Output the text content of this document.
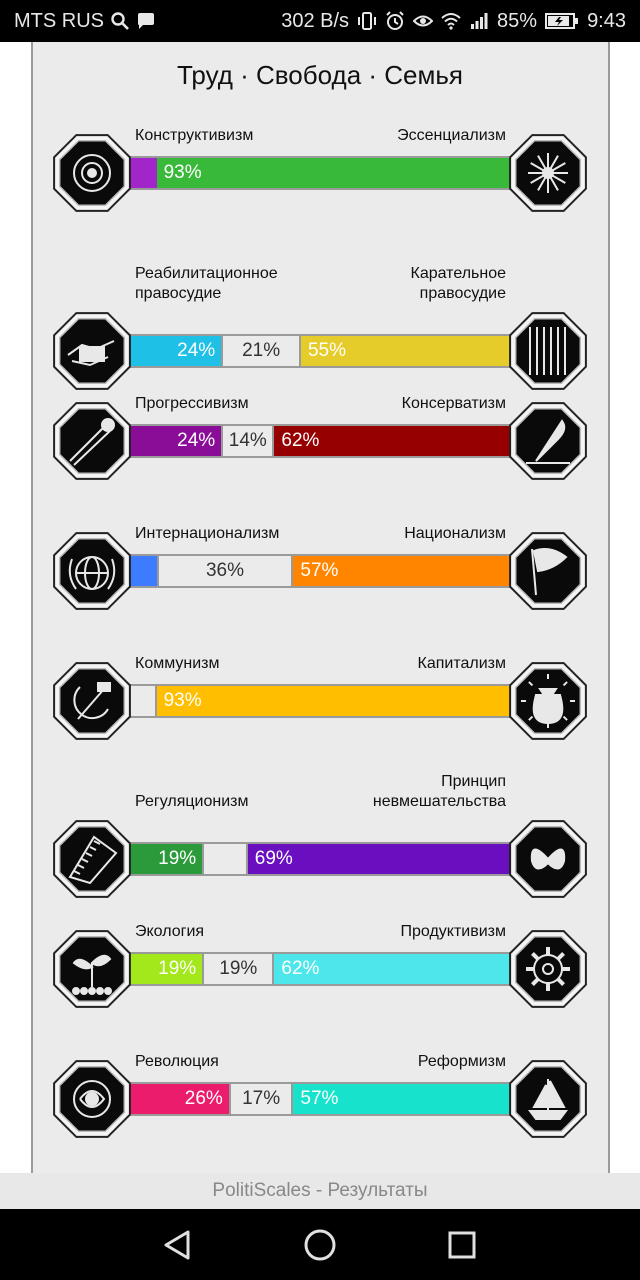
MTS RUS	302 B/s	85%	9:43
Труд · Свобода · Семья
Конструктивизм	Эссенциализм
93%
Реабилитационное
правосудие
Карательное
правосудие
24%	21%	55%
Прогрессивизм	Консерватизм
24% 14% 62%
Интернационализм	Национализм
36%	57%
Коммунизм	Капитализм
93%
Регуляционизм
Принцип
невмешательства
19%	69%
Экология	Продуктивизм
19%	19%	62%
Революция	Реформизм
26%	17%	57%
PolitiScales - Результаты
